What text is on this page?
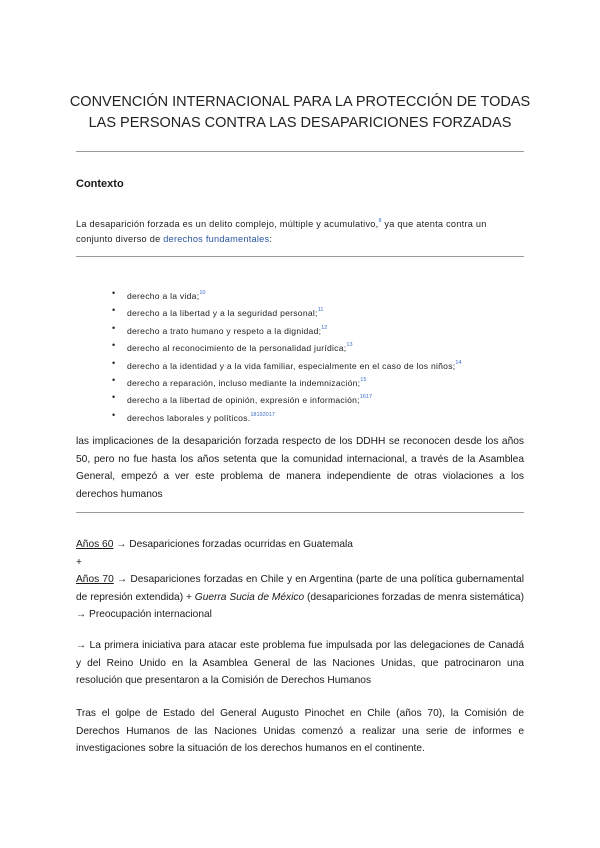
CONVENCIÓN INTERNACIONAL PARA LA PROTECCIÓN DE TODAS
LAS PERSONAS CONTRA LAS DESAPARICIONES FORZADAS
Contexto
La desaparición forzada es un delito complejo, múltiple y acumulativo,$^8$ ya que atenta contra un conjunto diverso de derechos fundamentales:
• derecho a la vida;$^{10}$
• derecho a la libertad y a la seguridad personal;$^{11}$
• derecho a trato humano y respeto a la dignidad;$^{12}$
• derecho al reconocimiento de la personalidad jurídica;$^{13}$
• derecho a la identidad y a la vida familiar, especialmente en el caso de los niños;$^{14}$
• derecho a reparación, incluso mediante la indemnización;$^{15}$
• derecho a la libertad de opinión, expresión e información;$^{1617}$
• derechos laborales y políticos.$^{18192017}$
las implicaciones de la desaparición forzada respecto de los DDHH se reconocen desde los años 50, pero no fue hasta los años setenta que la comunidad internacional, a través de la Asamblea General, empezó a ver este problema de manera independiente de otras violaciones a los derechos humanos
Años 60 → Desapariciones forzadas ocurridas en Guatemala
+
Años 70 → Desapariciones forzadas en Chile y en Argentina (parte de una política gubernamental de represión extendida) + Guerra Sucia de México (desapariciones forzadas de menra sistemática) → Preocupación internacional
→ La primera iniciativa para atacar este problema fue impulsada por las delegaciones de Canadá y del Reino Unido en la Asamblea General de las Naciones Unidas, que patrocinaron una resolución que presentaron a la Comisión de Derechos Humanos
Tras el golpe de Estado del General Augusto Pinochet en Chile (años 70), la Comisión de Derechos Humanos de las Naciones Unidas comenzó a realizar una serie de informes e investigaciones sobre la situación de los derechos humanos en el continente.
